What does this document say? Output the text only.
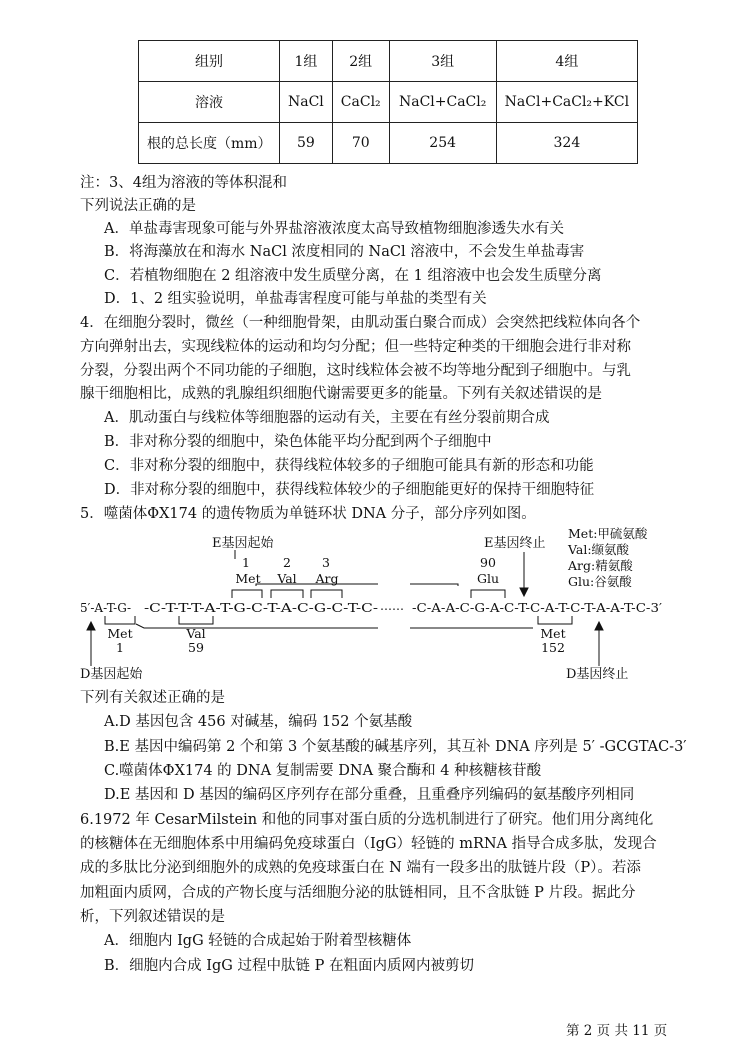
组别	1组	2组	3组	4组
溶液	NaCl	CaCl₂	NaCl+CaCl₂	NaCl+CaCl₂+KCl
根的总长度（mm）	59	70	254	324
注：3、4组为溶液的等体积混和
下列说法正确的是
A．单盐毒害现象可能与外界盐溶液浓度太高导致植物细胞渗透失水有关
B．将海藻放在和海水 NaCl 浓度相同的 NaCl 溶液中，不会发生单盐毒害
C．若植物细胞在 2 组溶液中发生质壁分离，在 1 组溶液中也会发生质壁分离
D．1、2 组实验说明，单盐毒害程度可能与单盐的类型有关
4．在细胞分裂时，微丝（一种细胞骨架，由肌动蛋白聚合而成）会突然把线粒体向各个
方向弹射出去，实现线粒体的运动和均匀分配；但一些特定种类的干细胞会进行非对称
分裂，分裂出两个不同功能的子细胞，这时线粒体会被不均等地分配到子细胞中。与乳
腺干细胞相比，成熟的乳腺组织细胞代谢需要更多的能量。下列有关叙述错误的是
A．肌动蛋白与线粒体等细胞器的运动有关，主要在有丝分裂前期合成
B．非对称分裂的细胞中，染色体能平均分配到两个子细胞中
C．非对称分裂的细胞中，获得线粒体较多的子细胞可能具有新的形态和功能
D．非对称分裂的细胞中，获得线粒体较少的子细胞能更好的保持干细胞特征
5．噬菌体ΦX174 的遗传物质为单链环状 DNA 分子，部分序列如图。
Met:甲硫氨酸
Val:缬氨酸
Arg:精氨酸
Glu:谷氨酸
E基因起始	E基因终止
1	2 3	90
Met Val Arg	Glu
5′-A-T-G- -C-T-T-T-A-T-G-C-T-A-C-G-C-T-C- …… -C-A-A-C-G-A-C-T-C-A-T-C-T-A-A-T-C-3′
Met	Val	Met
1	59	152
D基因起始	D基因终止
下列有关叙述正确的是
A.D 基因包含 456 对碱基，编码 152 个氨基酸
B.E 基因中编码第 2 个和第 3 个氨基酸的碱基序列，其互补 DNA 序列是 5′ -GCGTAC-3′
C.噬菌体ΦX174 的 DNA 复制需要 DNA 聚合酶和 4 种核糖核苷酸
D.E 基因和 D 基因的编码区序列存在部分重叠，且重叠序列编码的氨基酸序列相同
6.1972 年 CesarMilstein 和他的同事对蛋白质的分选机制进行了研究。他们用分离纯化
的核糖体在无细胞体系中用编码免疫球蛋白（IgG）轻链的 mRNA 指导合成多肽，发现合
成的多肽比分泌到细胞外的成熟的免疫球蛋白在 N 端有一段多出的肽链片段（P）。若添
加粗面内质网，合成的产物长度与活细胞分泌的肽链相同，且不含肽链 P 片段。据此分
析，下列叙述错误的是
A．细胞内 IgG 轻链的合成起始于附着型核糖体
B．细胞内合成 IgG 过程中肽链 P 在粗面内质网内被剪切
第 2 页 共 11 页
